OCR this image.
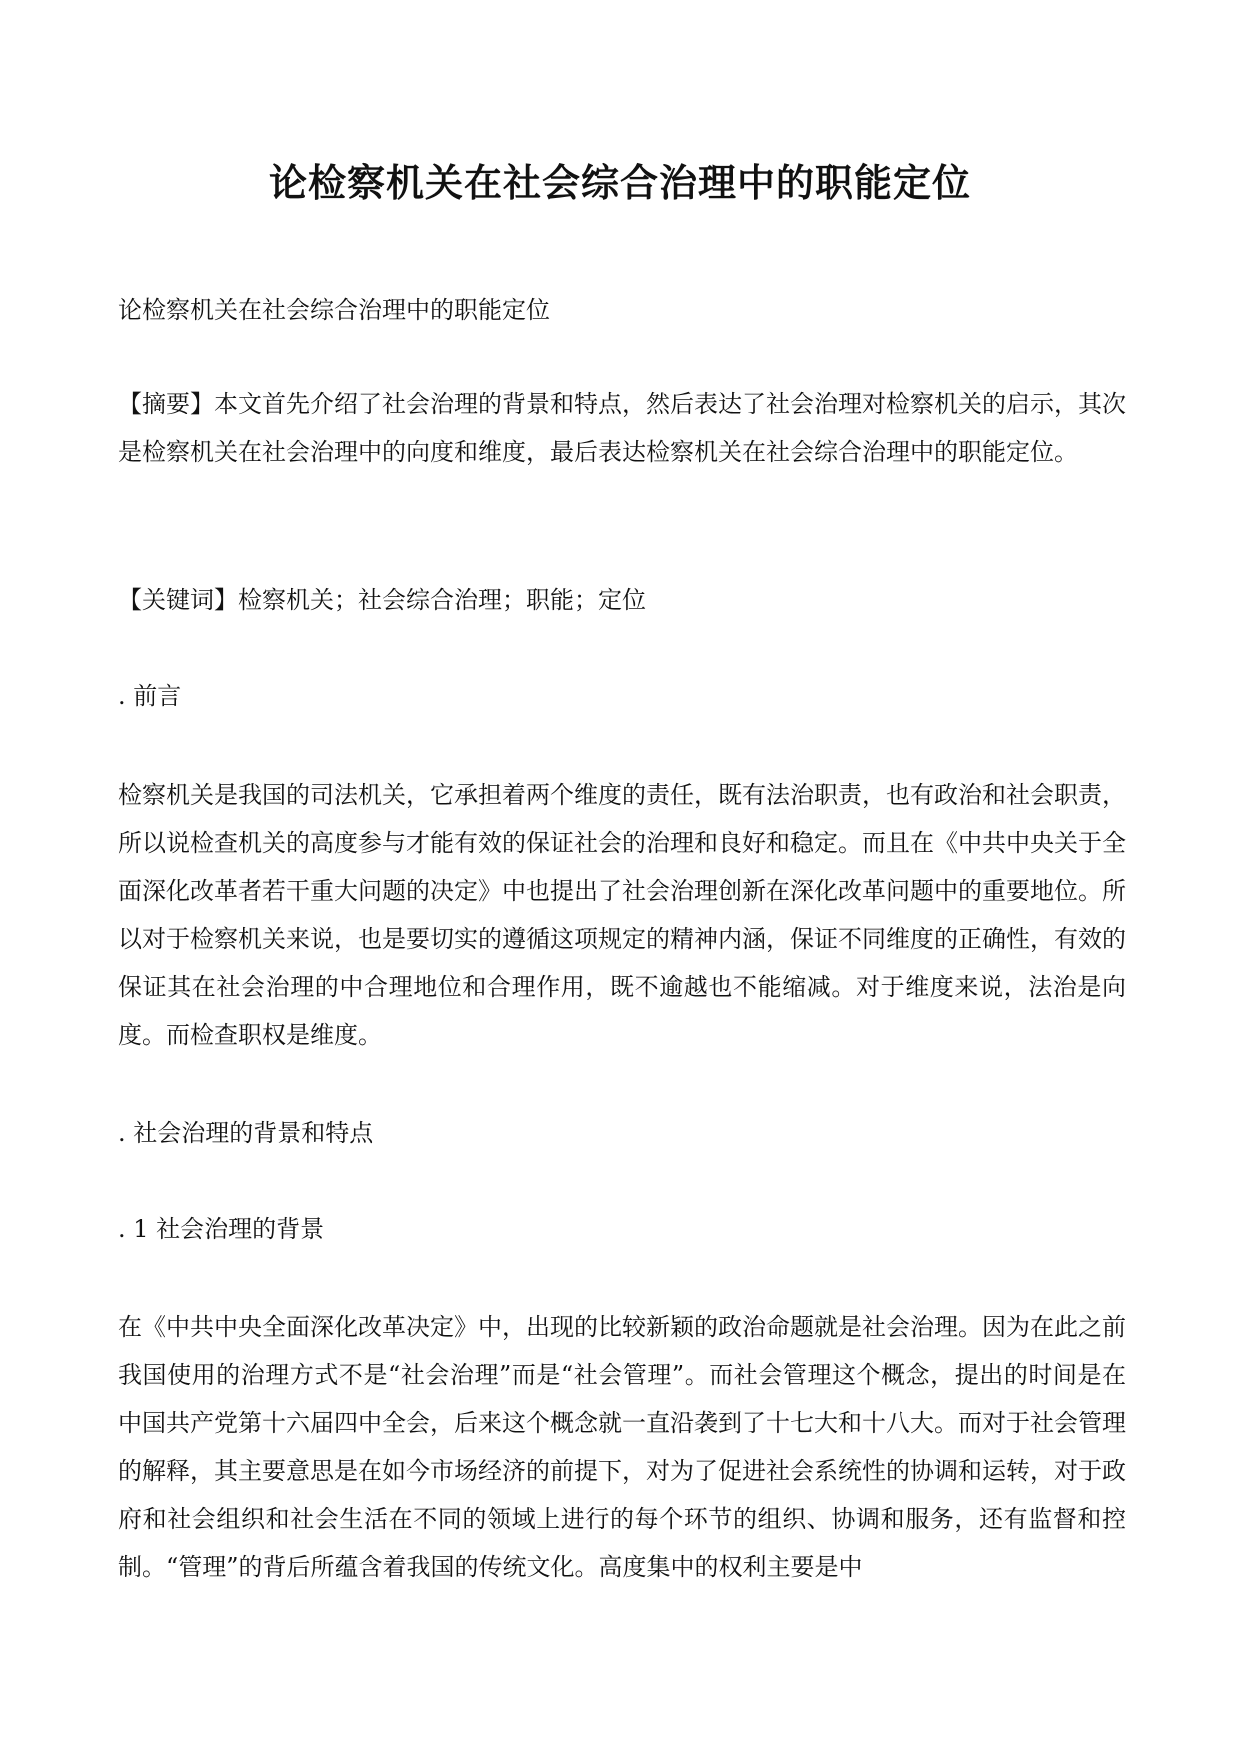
论检察机关在社会综合治理中的职能定位

论检察机关在社会综合治理中的职能定位

【摘要】本文首先介绍了社会治理的背景和特点，然后表达了社会治理对检察机关的启示，其次是检察机关在社会治理中的向度和维度，最后表达检察机关在社会综合治理中的职能定位。

【关键词】检察机关；社会综合治理；职能；定位

. 前言

检察机关是我国的司法机关，它承担着两个维度的责任，既有法治职责，也有政治和社会职责，所以说检查机关的高度参与才能有效的保证社会的治理和良好和稳定。而且在《中共中央关于全面深化改革者若干重大问题的决定》中也提出了社会治理创新在深化改革问题中的重要地位。所以对于检察机关来说，也是要切实的遵循这项规定的精神内涵，保证不同维度的正确性，有效的保证其在社会治理的中合理地位和合理作用，既不逾越也不能缩减。对于维度来说，法治是向度。而检查职权是维度。

. 社会治理的背景和特点

. 1 社会治理的背景

在《中共中央全面深化改革决定》中，出现的比较新颖的政治命题就是社会治理。因为在此之前我国使用的治理方式不是“社会治理”而是“社会管理”。而社会管理这个概念，提出的时间是在中国共产党第十六届四中全会，后来这个概念就一直沿袭到了十七大和十八大。而对于社会管理的解释，其主要意思是在如今市场经济的前提下，对为了促进社会系统性的协调和运转，对于政府和社会组织和社会生活在不同的领域上进行的每个环节的组织、协调和服务，还有监督和控制。“管理”的背后所蕴含着我国的传统文化。高度集中的权利主要是中
